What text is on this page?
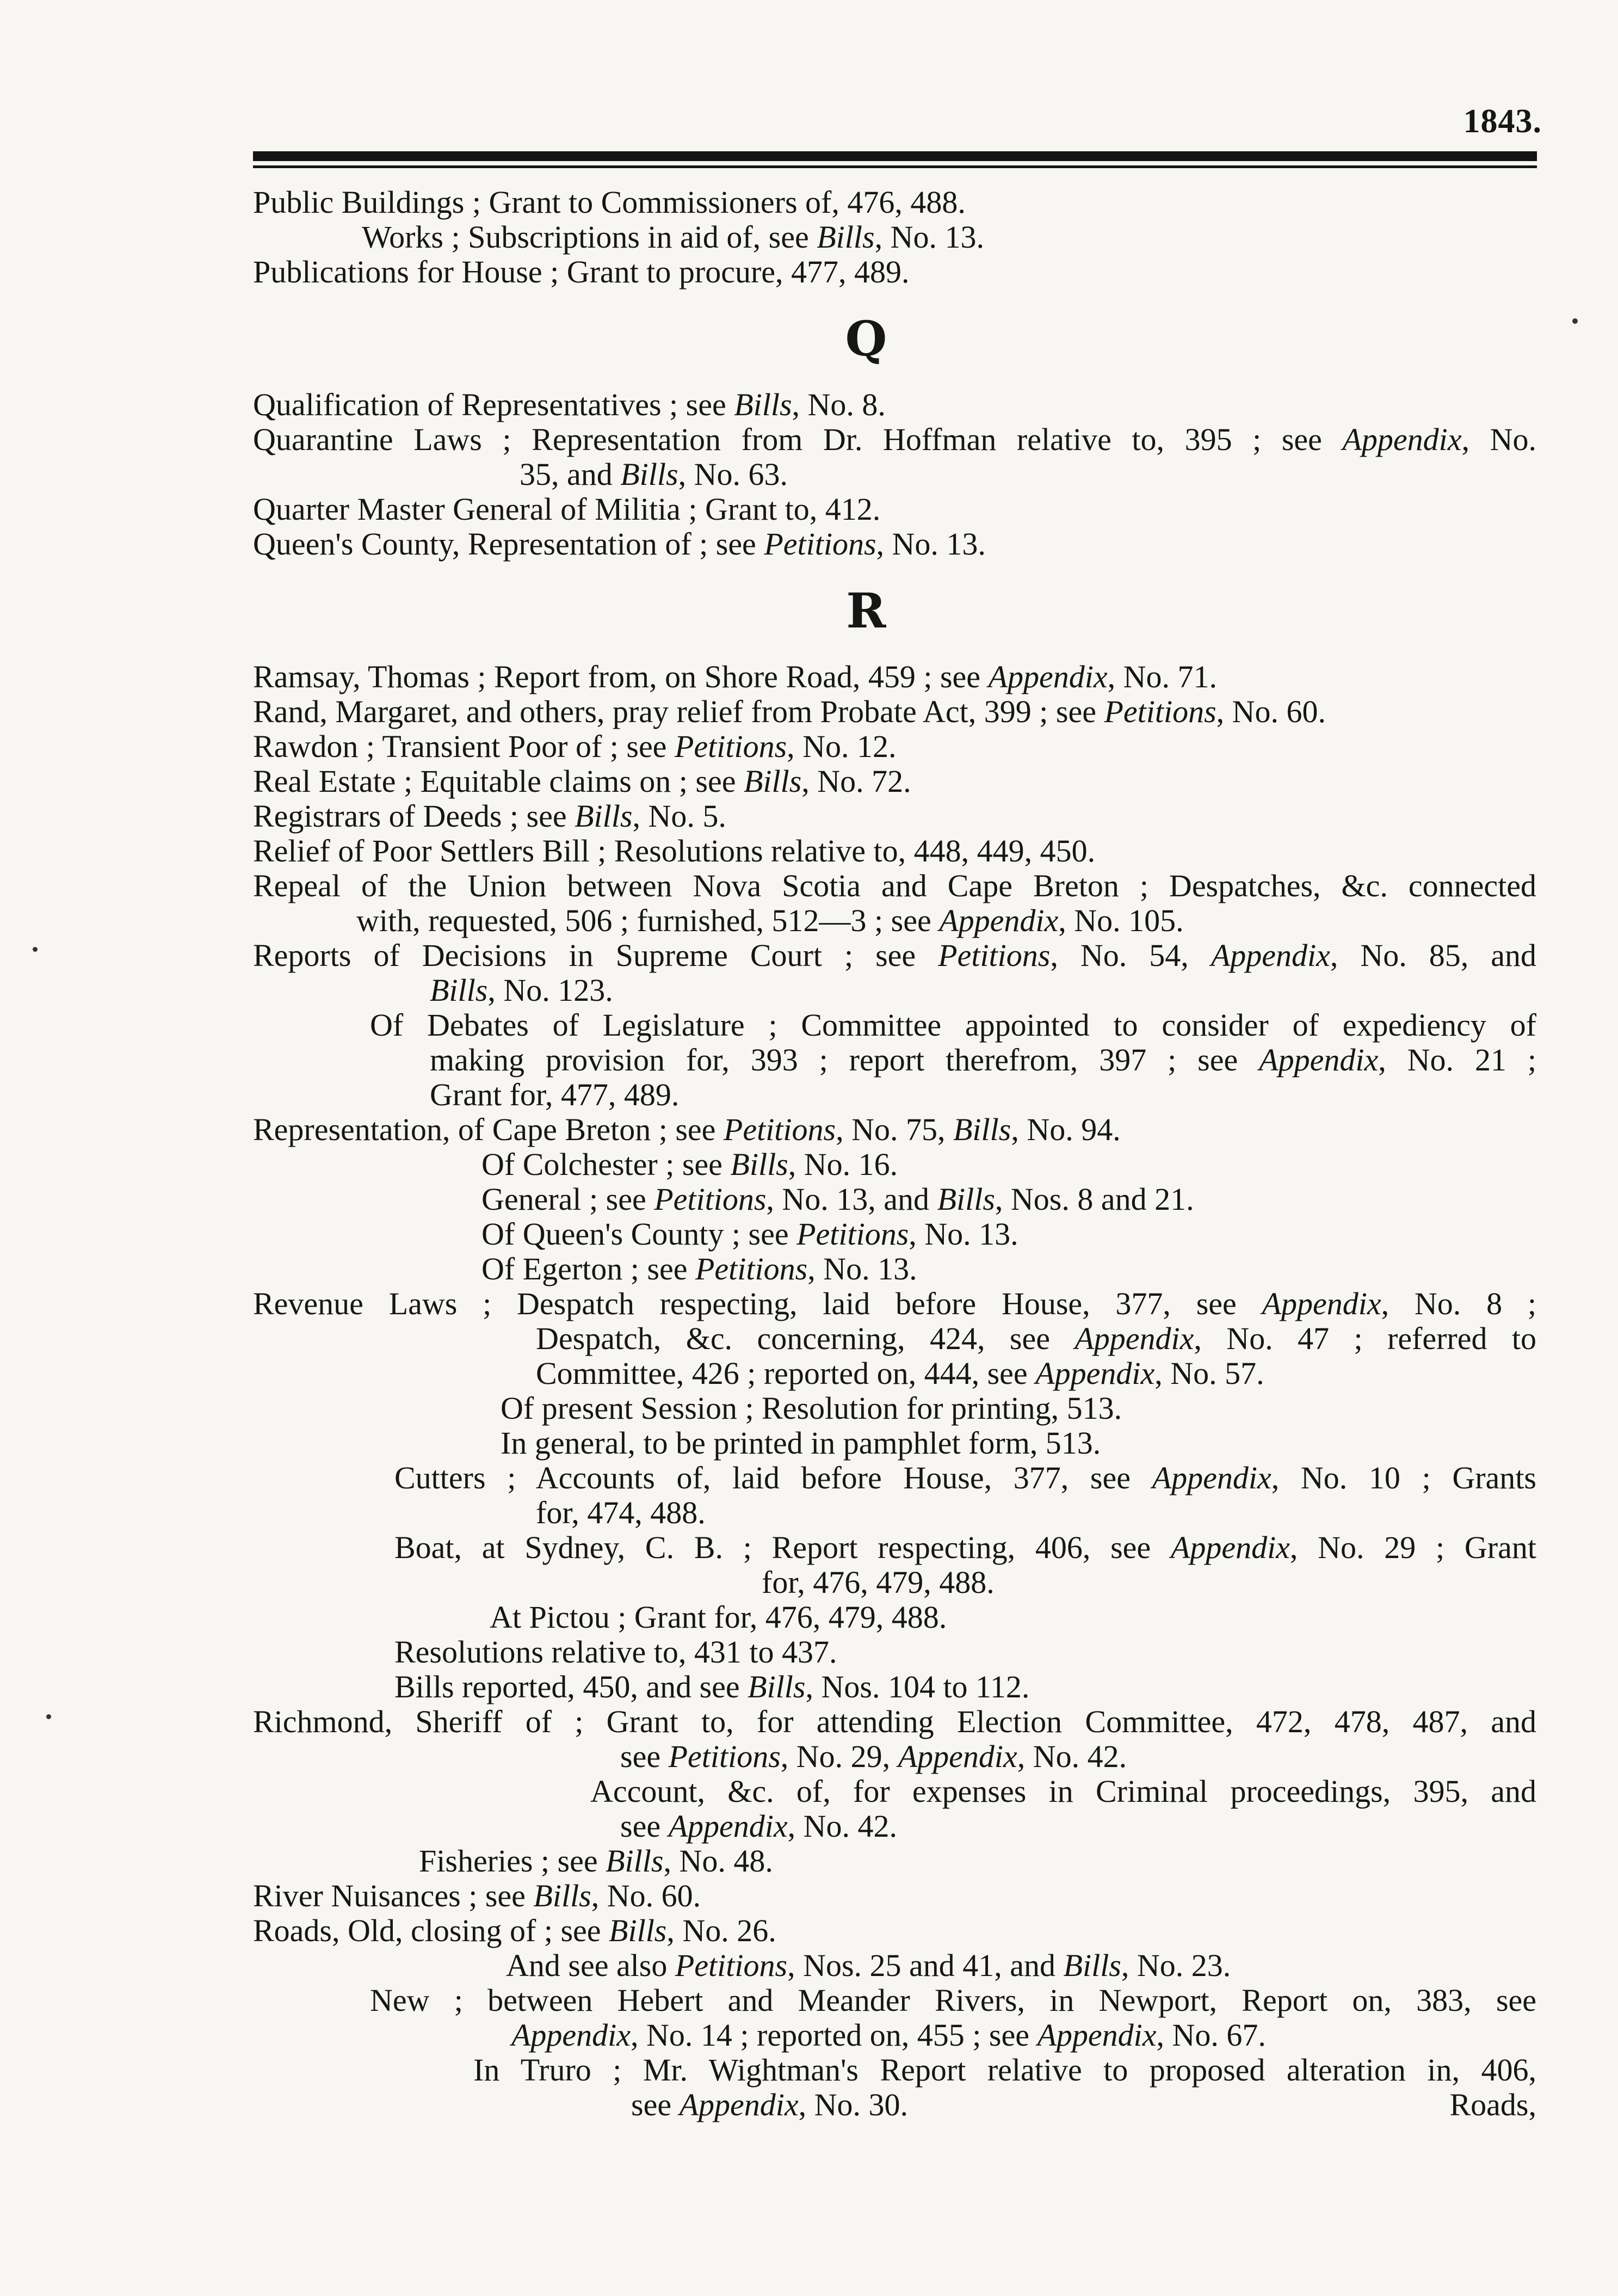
1843.
Public Buildings ; Grant to Commissioners of, 476, 488.
Works ; Subscriptions in aid of, see Bills, No. 13.
Publications for House ; Grant to procure, 477, 489.
Q
Qualification of Representatives ; see Bills, No. 8.
Quarantine Laws ; Representation from Dr. Hoffman relative to, 395 ; see Appendix, No.
35, and Bills, No. 63.
Quarter Master General of Militia ; Grant to, 412.
Queen's County, Representation of ; see Petitions, No. 13.
R
Ramsay, Thomas ; Report from, on Shore Road, 459 ; see Appendix, No. 71.
Rand, Margaret, and others, pray relief from Probate Act, 399 ; see Petitions, No. 60.
Rawdon ; Transient Poor of ; see Petitions, No. 12.
Real Estate ; Equitable claims on ; see Bills, No. 72.
Registrars of Deeds ; see Bills, No. 5.
Relief of Poor Settlers Bill ; Resolutions relative to, 448, 449, 450.
Repeal of the Union between Nova Scotia and Cape Breton ; Despatches, &c. connected
with, requested, 506 ; furnished, 512—3 ; see Appendix, No. 105.
Reports of Decisions in Supreme Court ; see Petitions, No. 54, Appendix, No. 85, and
Bills, No. 123.
Of Debates of Legislature ; Committee appointed to consider of expediency of
making provision for, 393 ; report therefrom, 397 ; see Appendix, No. 21 ;
Grant for, 477, 489.
Representation, of Cape Breton ; see Petitions, No. 75, Bills, No. 94.
Of Colchester ; see Bills, No. 16.
General ; see Petitions, No. 13, and Bills, Nos. 8 and 21.
Of Queen's County ; see Petitions, No. 13.
Of Egerton ; see Petitions, No. 13.
Revenue Laws ; Despatch respecting, laid before House, 377, see Appendix, No. 8 ;
Despatch, &c. concerning, 424, see Appendix, No. 47 ; referred to
Committee, 426 ; reported on, 444, see Appendix, No. 57.
Of present Session ; Resolution for printing, 513.
In general, to be printed in pamphlet form, 513.
Cutters ; Accounts of, laid before House, 377, see Appendix, No. 10 ; Grants
for, 474, 488.
Boat, at Sydney, C. B. ; Report respecting, 406, see Appendix, No. 29 ; Grant
for, 476, 479, 488.
At Pictou ; Grant for, 476, 479, 488.
Resolutions relative to, 431 to 437.
Bills reported, 450, and see Bills, Nos. 104 to 112.
Richmond, Sheriff of ; Grant to, for attending Election Committee, 472, 478, 487, and
see Petitions, No. 29, Appendix, No. 42.
Account, &c. of, for expenses in Criminal proceedings, 395, and
see Appendix, No. 42.
Fisheries ; see Bills, No. 48.
River Nuisances ; see Bills, No. 60.
Roads, Old, closing of ; see Bills, No. 26.
And see also Petitions, Nos. 25 and 41, and Bills, No. 23.
New ; between Hebert and Meander Rivers, in Newport, Report on, 383, see
Appendix, No. 14 ; reported on, 455 ; see Appendix, No. 67.
In Truro ; Mr. Wightman's Report relative to proposed alteration in, 406,
see Appendix, No. 30.	Roads,
